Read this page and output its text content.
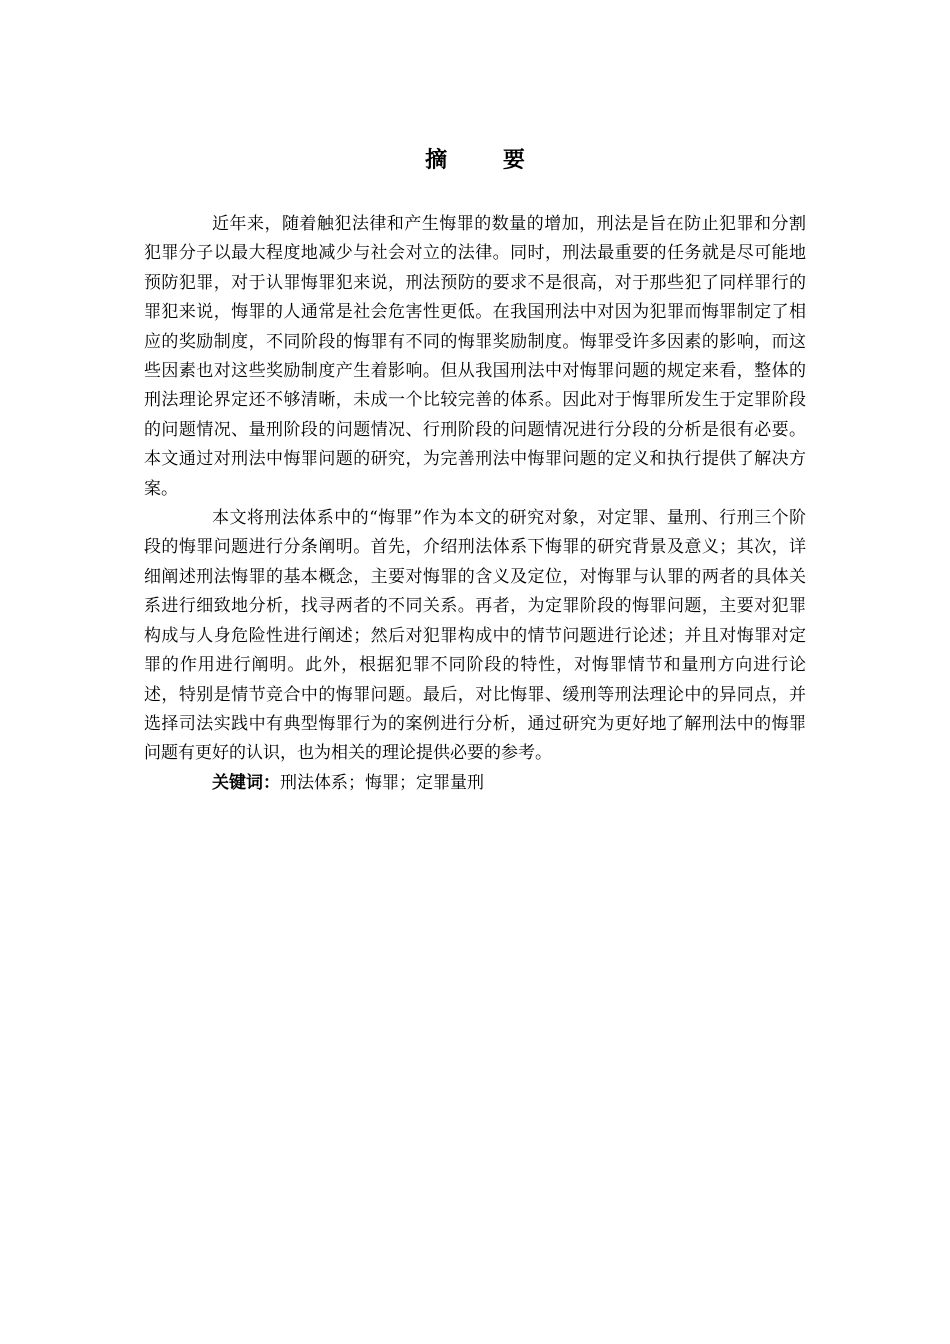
摘 要

近年来，随着触犯法律和产生悔罪的数量的增加，刑法是旨在防止犯罪和分割犯罪分子以最大程度地减少与社会对立的法律。同时，刑法最重要的任务就是尽可能地预防犯罪，对于认罪悔罪犯来说，刑法预防的要求不是很高，对于那些犯了同样罪行的罪犯来说，悔罪的人通常是社会危害性更低。在我国刑法中对因为犯罪而悔罪制定了相应的奖励制度，不同阶段的悔罪有不同的悔罪奖励制度。悔罪受许多因素的影响，而这些因素也对这些奖励制度产生着影响。但从我国刑法中对悔罪问题的规定来看，整体的刑法理论界定还不够清晰，未成一个比较完善的体系。因此对于悔罪所发生于定罪阶段的问题情况、量刑阶段的问题情况、行刑阶段的问题情况进行分段的分析是很有必要。本文通过对刑法中悔罪问题的研究，为完善刑法中悔罪问题的定义和执行提供了解决方案。

本文将刑法体系中的“悔罪”作为本文的研究对象，对定罪、量刑、行刑三个阶段的悔罪问题进行分条阐明。首先，介绍刑法体系下悔罪的研究背景及意义；其次，详细阐述刑法悔罪的基本概念，主要对悔罪的含义及定位，对悔罪与认罪的两者的具体关系进行细致地分析，找寻两者的不同关系。再者，为定罪阶段的悔罪问题，主要对犯罪构成与人身危险性进行阐述；然后对犯罪构成中的情节问题进行论述；并且对悔罪对定罪的作用进行阐明。此外，根据犯罪不同阶段的特性，对悔罪情节和量刑方向进行论述，特别是情节竞合中的悔罪问题。最后，对比悔罪、缓刑等刑法理论中的异同点，并选择司法实践中有典型悔罪行为的案例进行分析，通过研究为更好地了解刑法中的悔罪问题有更好的认识，也为相关的理论提供必要的参考。

关键词：刑法体系；悔罪；定罪量刑
